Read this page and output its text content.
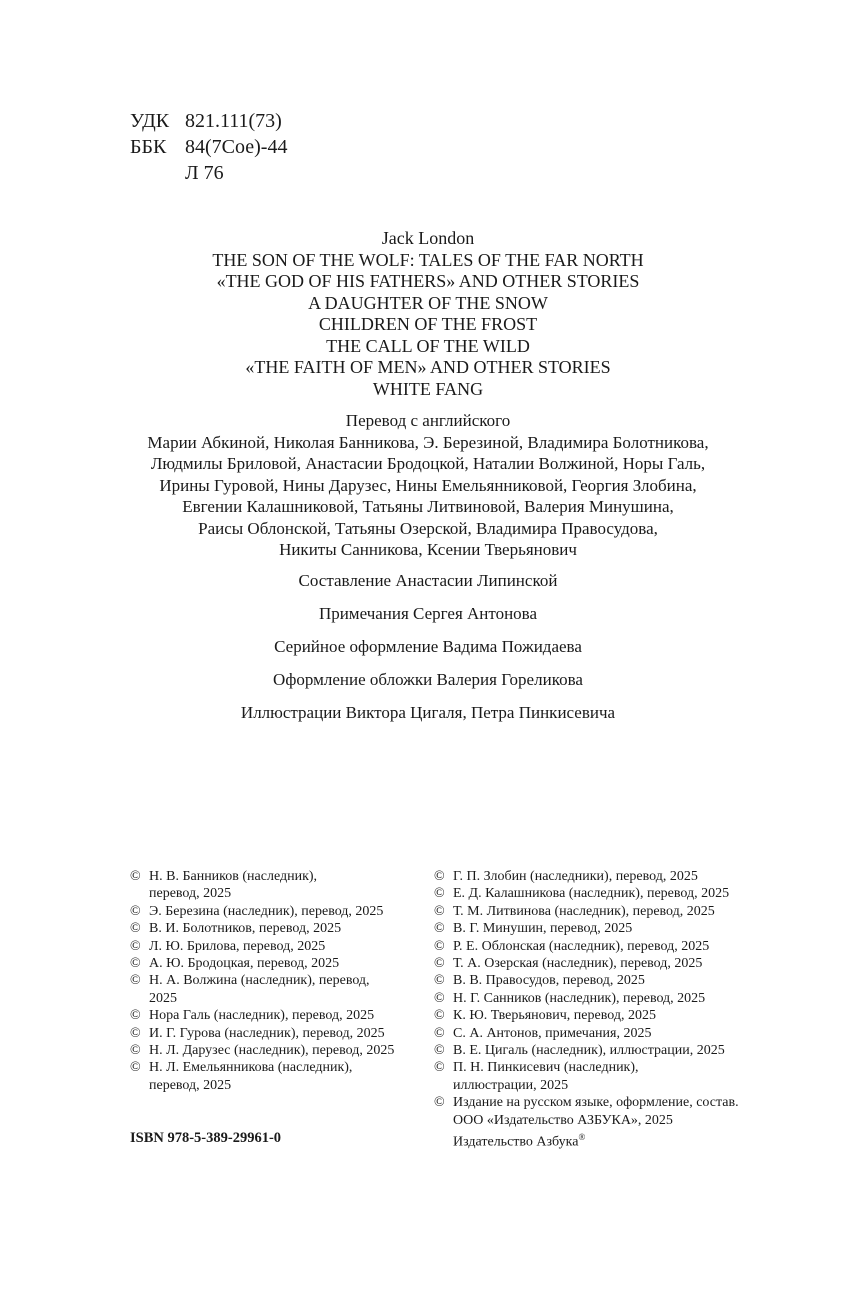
УДК 821.111(73)
ББК 84(7Сое)-44
Л 76
Jack London
THE SON OF THE WOLF: TALES OF THE FAR NORTH
«THE GOD OF HIS FATHERS» AND OTHER STORIES
A DAUGHTER OF THE SNOW
CHILDREN OF THE FROST
THE CALL OF THE WILD
«THE FAITH OF MEN» AND OTHER STORIES
WHITE FANG
Перевод с английского
Марии Абкиной, Николая Банникова, Э. Березиной, Владимира Болотникова,
Людмилы Бриловой, Анастасии Бродоцкой, Наталии Волжиной, Норы Галь,
Ирины Гуровой, Нины Дарузес, Нины Емельянниковой, Георгия Злобина,
Евгении Калашниковой, Татьяны Литвиновой, Валерия Минушина,
Раисы Облонской, Татьяны Озерской, Владимира Правосудова,
Никиты Санникова, Ксении Тверьянович
Составление Анастасии Липинской
Примечания Сергея Антонова
Серийное оформление Вадима Пожидаева
Оформление обложки Валерия Гореликова
Иллюстрации Виктора Цигаля, Петра Пинкисевича
© Н. В. Банников (наследник),
перевод, 2025
© Э. Березина (наследник), перевод, 2025
© В. И. Болотников, перевод, 2025
© Л. Ю. Брилова, перевод, 2025
© А. Ю. Бродоцкая, перевод, 2025
© Н. А. Волжина (наследник), перевод,
2025
© Нора Галь (наследник), перевод, 2025
© И. Г. Гурова (наследник), перевод, 2025
© Н. Л. Дарузес (наследник), перевод, 2025
© Н. Л. Емельянникова (наследник),
перевод, 2025
© Г. П. Злобин (наследники), перевод, 2025
© Е. Д. Калашникова (наследник), перевод, 2025
© Т. М. Литвинова (наследник), перевод, 2025
© В. Г. Минушин, перевод, 2025
© Р. Е. Облонская (наследник), перевод, 2025
© Т. А. Озерская (наследник), перевод, 2025
© В. В. Правосудов, перевод, 2025
© Н. Г. Санников (наследник), перевод, 2025
© К. Ю. Тверьянович, перевод, 2025
© С. А. Антонов, примечания, 2025
© В. Е. Цигаль (наследник), иллюстрации, 2025
© П. Н. Пинкисевич (наследник),
иллюстрации, 2025
© Издание на русском языке, оформление, состав.
ООО «Издательство АЗБУКА», 2025
Издательство Азбука®
ISBN 978-5-389-29961-0
